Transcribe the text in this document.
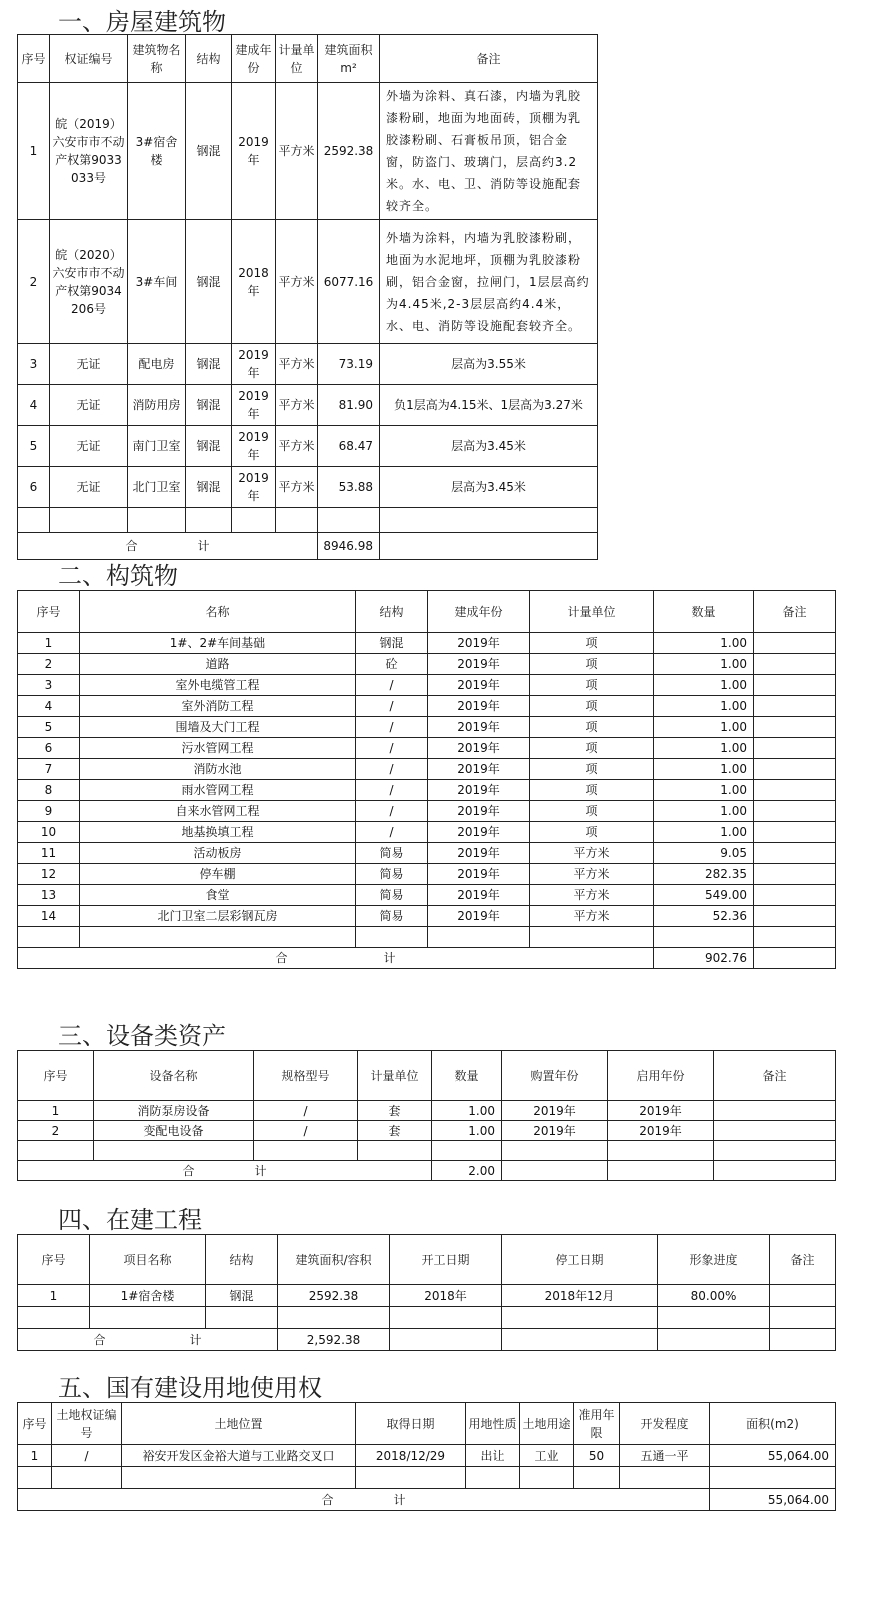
一、房屋建筑物
序号	权证编号	建筑物名称	结构	建成年份	计量单位	建筑面积 m²	备注
1	皖（2019）六安市市不动产权第9033033号	3#宿舍楼	钢混	2019年	平方米	2592.38	外墙为涂料、真石漆，内墙为乳胶漆粉刷，地面为地面砖，顶棚为乳胶漆粉刷、石膏板吊顶，铝合金窗，防盗门、玻璃门，层高约3.2米。水、电、卫、消防等设施配套较齐全。
2	皖（2020）六安市市不动产权第9034206号	3#车间	钢混	2018年	平方米	6077.16	外墙为涂料，内墙为乳胶漆粉刷，地面为水泥地坪，顶棚为乳胶漆粉刷，铝合金窗，拉闸门，1层层高约为4.45米,2-3层层高约4.4米，水、电、消防等设施配套较齐全。
3	无证	配电房	钢混	2019年	平方米	73.19	层高为3.55米
4	无证	消防用房	钢混	2019年	平方米	81.90	负1层高为4.15米、1层高为3.27米
5	无证	南门卫室	钢混	2019年	平方米	68.47	层高为3.45米
6	无证	北门卫室	钢混	2019年	平方米	53.88	层高为3.45米

合　　　　　计						8946.98	
二、构筑物
序号	名称	结构	建成年份	计量单位	数量	备注
1	1#、2#车间基础	钢混	2019年	项	1.00	
2	道路	砼	2019年	项	1.00	
3	室外电缆管工程	/	2019年	项	1.00	
4	室外消防工程	/	2019年	项	1.00	
5	围墙及大门工程	/	2019年	项	1.00	
6	污水管网工程	/	2019年	项	1.00	
7	消防水池	/	2019年	项	1.00	
8	雨水管网工程	/	2019年	项	1.00	
9	自来水管网工程	/	2019年	项	1.00	
10	地基换填工程	/	2019年	项	1.00	
11	活动板房	简易	2019年	平方米	9.05	
12	停车棚	简易	2019年	平方米	282.35	
13	食堂	简易	2019年	平方米	549.00	
14	北门卫室二层彩钢瓦房	简易	2019年	平方米	52.36	

合　　　　　　　　计					902.76	
三、设备类资产
序号	设备名称	规格型号	计量单位	数量	购置年份	启用年份	备注
1	消防泵房设备	/	套	1.00	2019年	2019年	
2	变配电设备	/	套	1.00	2019年	2019年	

合　　　　　计				2.00			
四、在建工程
序号	项目名称	结构	建筑面积/容积	开工日期	停工日期	形象进度	备注
1	1#宿舍楼	钢混	2592.38	2018年	2018年12月	80.00%	

合　　　　　　　计			2,592.38				
五、国有建设用地使用权
序号	土地权证编号	土地位置	取得日期	用地性质	土地用途	准用年限	开发程度	面积(m2)
1	/	裕安开发区金裕大道与工业路交叉口	2018/12/29	出让	工业	50	五通一平	55,064.00

合　　　　　计								55,064.00
